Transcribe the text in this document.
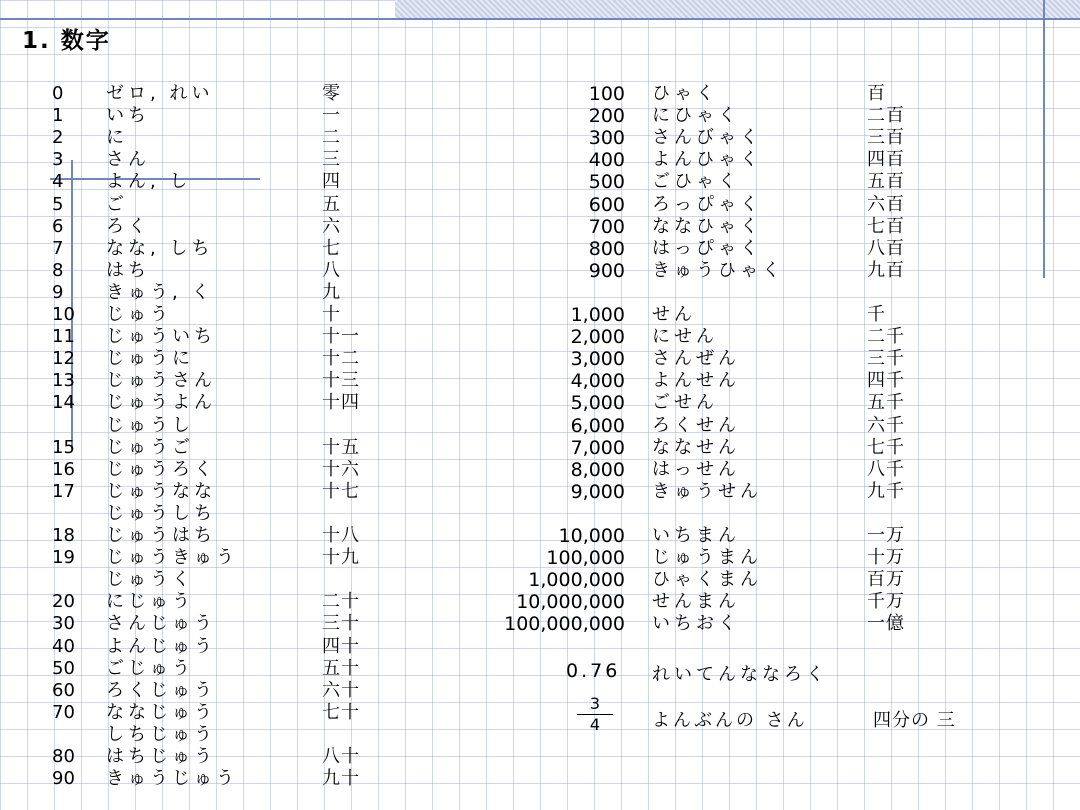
1. 数字
0 ゼロ, れい	零
1 いち	一
2 に	二
3 さん	三
4 よん, し	四
5 ご	五
6 ろく	六
7 なな, しち	七
8 はち	八
9 きゅう, く	九
10 じゅう	十
11 じゅういち	十一
12 じゅうに	十二
13 じゅうさん	十三
14 じゅうよん	十四
じゅうし
15 じゅうご	十五
16 じゅうろく	十六
17 じゅうなな	十七
じゅうしち
18 じゅうはち	十八
19 じゅうきゅう	十九
じゅうく
20 にじゅう	二十
30 さんじゅう	三十
40 よんじゅう	四十
50 ごじゅう	五十
60 ろくじゅう	六十
70 ななじゅう	七十
しちじゅう
80 はちじゅう	八十
90 きゅうじゅう	九十
100 ひゃく	百
200 にひゃく	二百
300 さんびゃく	三百
400 よんひゃく	四百
500 ごひゃく	五百
600 ろっぴゃく	六百
700 ななひゃく	七百
800 はっぴゃく	八百
900 きゅうひゃく	九百
1,000 せん	千
2,000 にせん	二千
3,000 さんぜん	三千
4,000 よんせん	四千
5,000 ごせん	五千
6,000 ろくせん	六千
7,000 ななせん	七千
8,000 はっせん	八千
9,000 きゅうせん	九千
10,000 いちまん	一万
100,000 じゅうまん	十万
1,000,000 ひゃくまん	百万
10,000,000 せんまん	千万
100,000,000 いちおく	一億
0.76 れいてんななろく
3
4	よんぶんの さん	四分の 三
